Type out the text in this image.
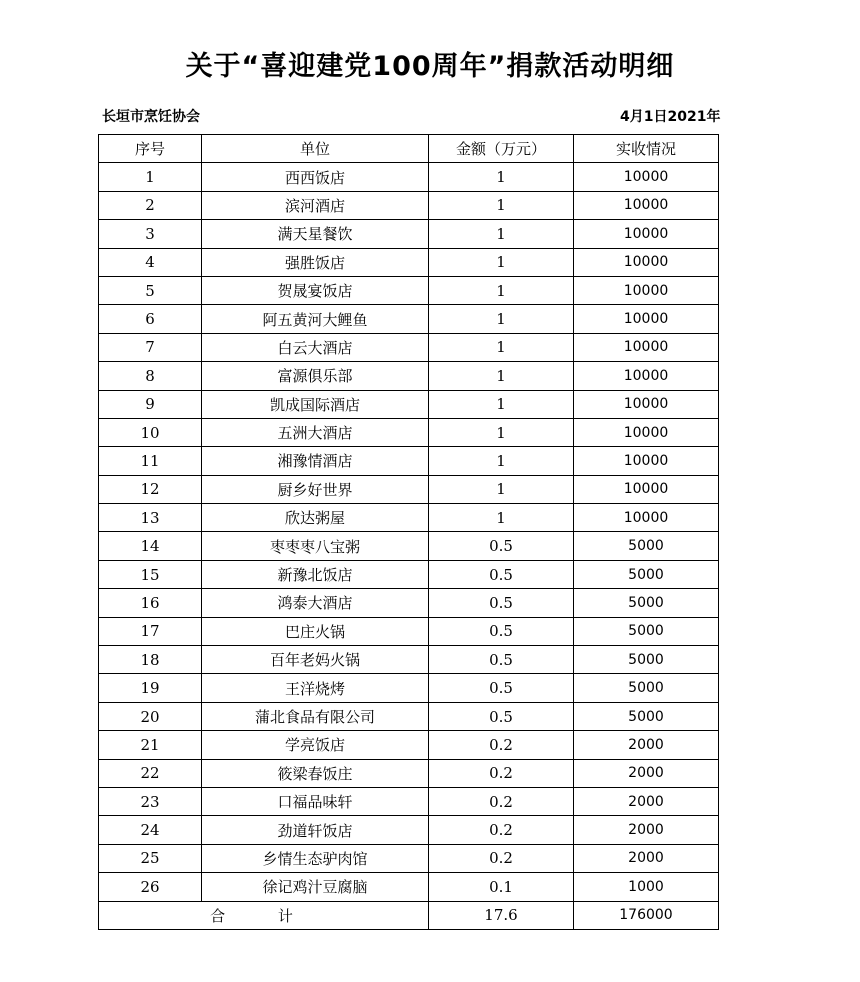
关于“喜迎建党100周年”捐款活动明细
长垣市烹饪协会	4月1日2021年
序号	单位	金额（万元）	实收情况
1	西西饭店	1	10000
2	滨河酒店	1	10000
3	满天星餐饮	1	10000
4	强胜饭店	1	10000
5	贺晟宴饭店	1	10000
6	阿五黄河大鲤鱼	1	10000
7	白云大酒店	1	10000
8	富源俱乐部	1	10000
9	凯成国际酒店	1	10000
10	五洲大酒店	1	10000
11	湘豫情酒店	1	10000
12	厨乡好世界	1	10000
13	欣达粥屋	1	10000
14	枣枣枣八宝粥	0.5	5000
15	新豫北饭店	0.5	5000
16	鸿泰大酒店	0.5	5000
17	巴庄火锅	0.5	5000
18	百年老妈火锅	0.5	5000
19	王洋烧烤	0.5	5000
20	蒲北食品有限公司	0.5	5000
21	学亮饭店	0.2	2000
22	筱梁春饭庄	0.2	2000
23	口福品味轩	0.2	2000
24	劲道轩饭店	0.2	2000
25	乡情生态驴肉馆	0.2	2000
26	徐记鸡汁豆腐脑	0.1	1000
合 计		17.6	176000
